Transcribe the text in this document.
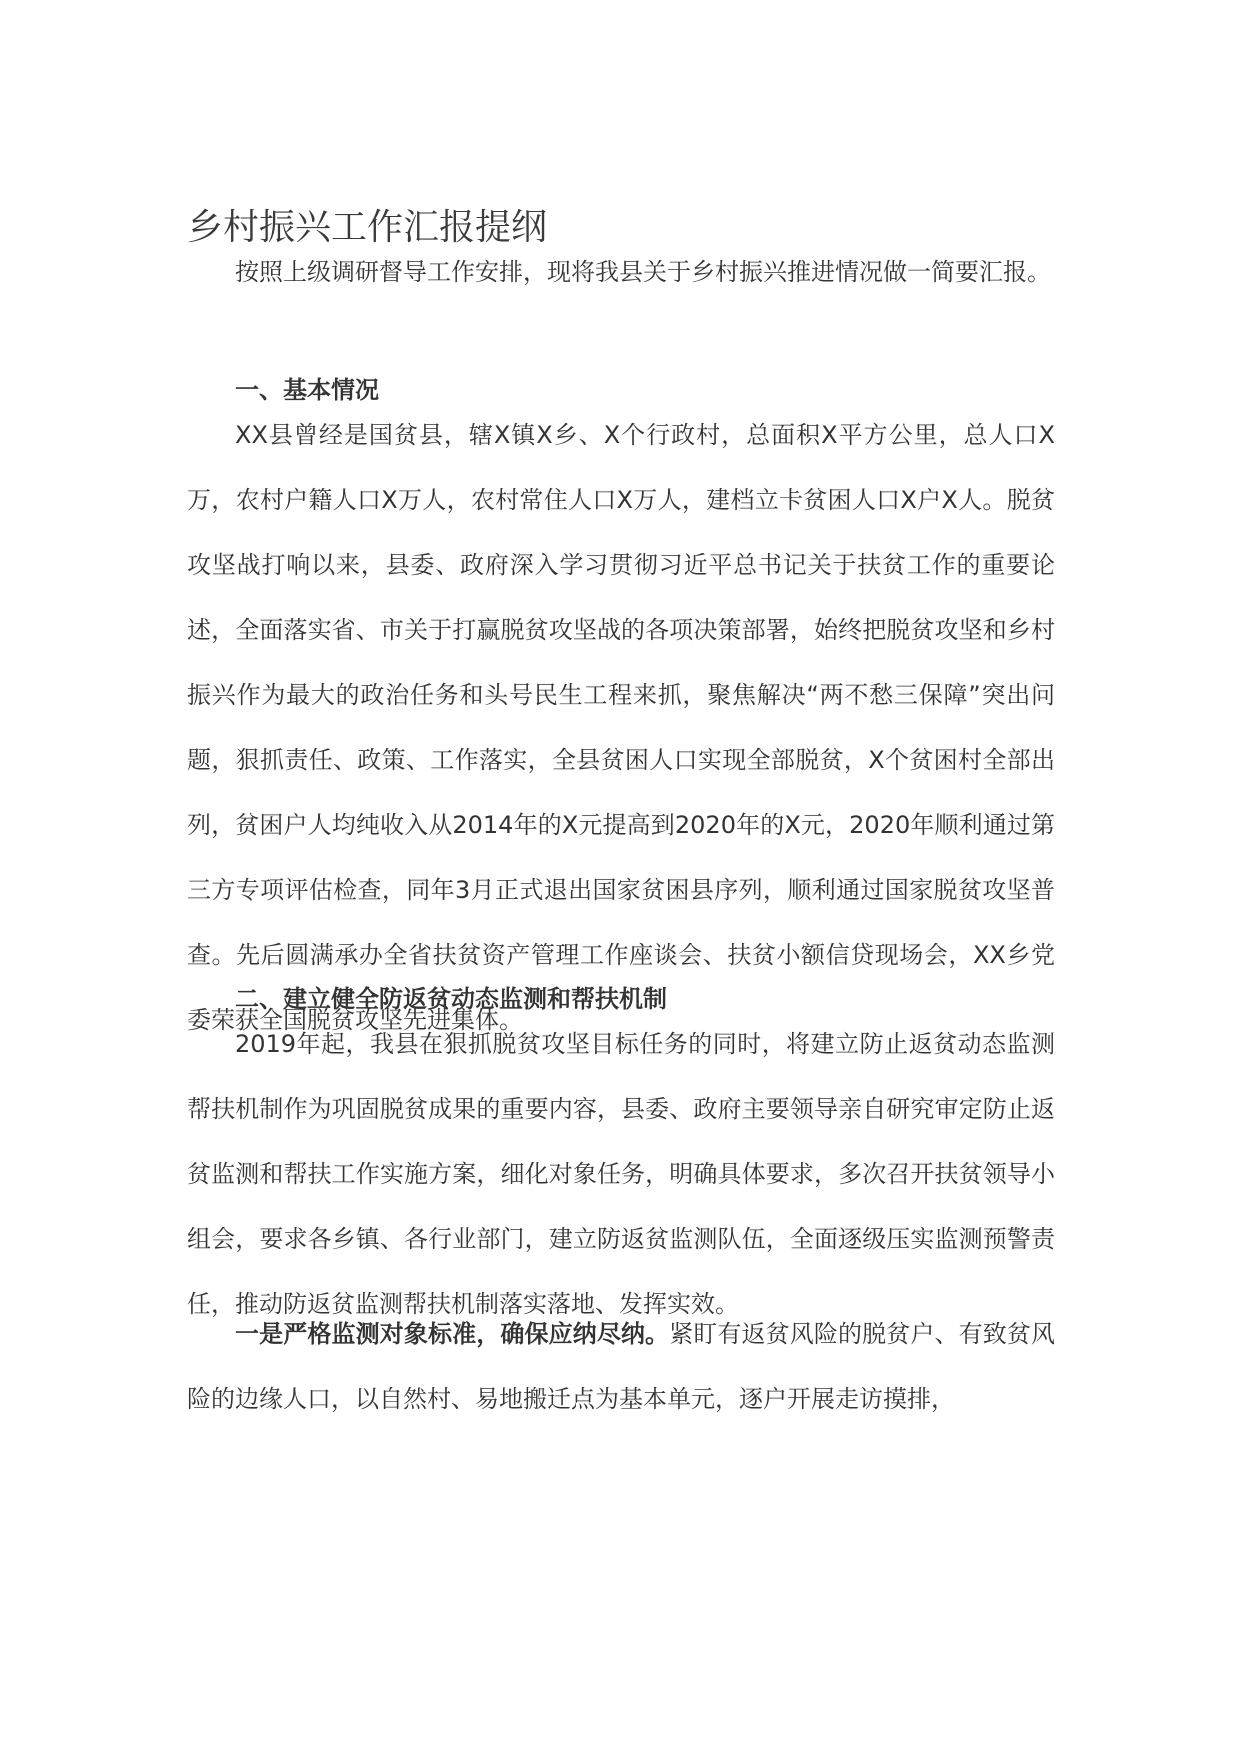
乡村振兴工作汇报提纲

按照上级调研督导工作安排，现将我县关于乡村振兴推进情况做一简要汇报。

一、基本情况

XX县曾经是国贫县，辖X镇X乡、X个行政村，总面积X平方公里，总人口X万，农村户籍人口X万人，农村常住人口X万人，建档立卡贫困人口X户X人。脱贫攻坚战打响以来，县委、政府深入学习贯彻习近平总书记关于扶贫工作的重要论述，全面落实省、市关于打赢脱贫攻坚战的各项决策部署，始终把脱贫攻坚和乡村振兴作为最大的政治任务和头号民生工程来抓，聚焦解决“两不愁三保障”突出问题，狠抓责任、政策、工作落实，全县贫困人口实现全部脱贫，X个贫困村全部出列，贫困户人均纯收入从2014年的X元提高到2020年的X元，2020年顺利通过第三方专项评估检查，同年3月正式退出国家贫困县序列，顺利通过国家脱贫攻坚普查。先后圆满承办全省扶贫资产管理工作座谈会、扶贫小额信贷现场会，XX乡党委荣获全国脱贫攻坚先进集体。

二、建立健全防返贫动态监测和帮扶机制

2019年起，我县在狠抓脱贫攻坚目标任务的同时，将建立防止返贫动态监测帮扶机制作为巩固脱贫成果的重要内容，县委、政府主要领导亲自研究审定防止返贫监测和帮扶工作实施方案，细化对象任务，明确具体要求，多次召开扶贫领导小组会，要求各乡镇、各行业部门，建立防返贫监测队伍，全面逐级压实监测预警责任，推动防返贫监测帮扶机制落实落地、发挥实效。

一是严格监测对象标准，确保应纳尽纳。紧盯有返贫风险的脱贫户、有致贫风险的边缘人口，以自然村、易地搬迁点为基本单元，逐户开展走访摸排，
